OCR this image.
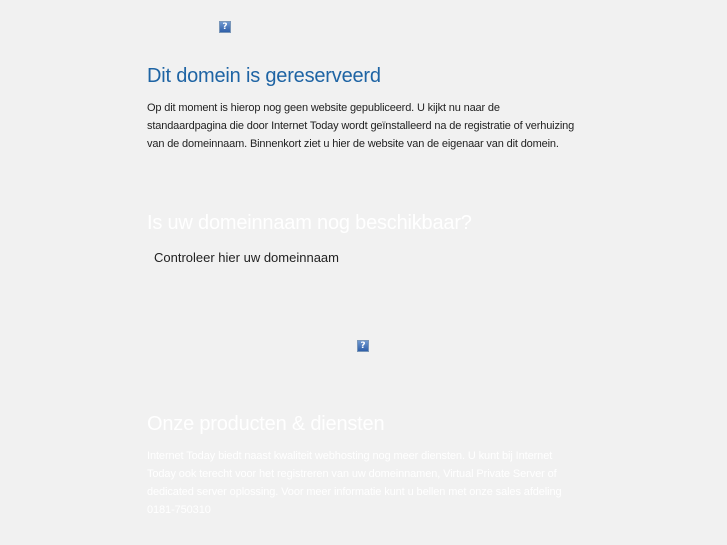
?
Dit domein is gereserveerd

Op dit moment is hierop nog geen website gepubliceerd. U kijkt nu naar de standaardpagina die door Internet Today wordt geïnstalleerd na de registratie of verhuizing van de domeinnaam. Binnenkort ziet u hier de website van de eigenaar van dit domein.

Is uw domeinnaam nog beschikbaar?
Controleer hier uw domeinnaam
?
Onze producten & diensten

Internet Today biedt naast kwaliteit webhosting nog meer diensten. U kunt bij Internet Today ook terecht voor het registreren van uw domeinnamen, Virtual Private Server of dedicated server oplossing. Voor meer informatie kunt u bellen met onze sales afdeling 0181-750310
